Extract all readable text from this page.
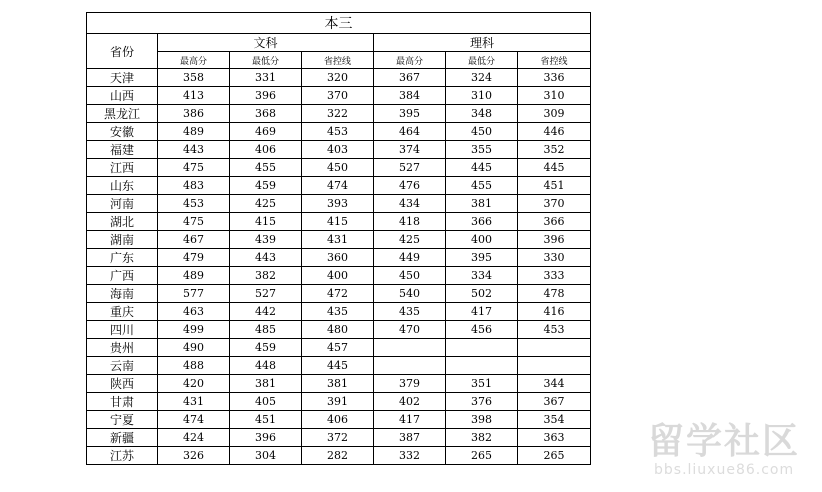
本三						
省份	文科			理科		
	最高分	最低分	省控线	最高分	最低分	省控线
天津	358	331	320	367	324	336
山西	413	396	370	384	310	310
黑龙江	386	368	322	395	348	309
安徽	489	469	453	464	450	446
福建	443	406	403	374	355	352
江西	475	455	450	527	445	445
山东	483	459	474	476	455	451
河南	453	425	393	434	381	370
湖北	475	415	415	418	366	366
湖南	467	439	431	425	400	396
广东	479	443	360	449	395	330
广西	489	382	400	450	334	333
海南	577	527	472	540	502	478
重庆	463	442	435	435	417	416
四川	499	485	480	470	456	453
贵州	490	459	457			
云南	488	448	445			
陕西	420	381	381	379	351	344
甘肃	431	405	391	402	376	367
宁夏	474	451	406	417	398	354
新疆	424	396	372	387	382	363
江苏	326	304	282	332	265	265 留学社区
bbs.liuxue86.com
